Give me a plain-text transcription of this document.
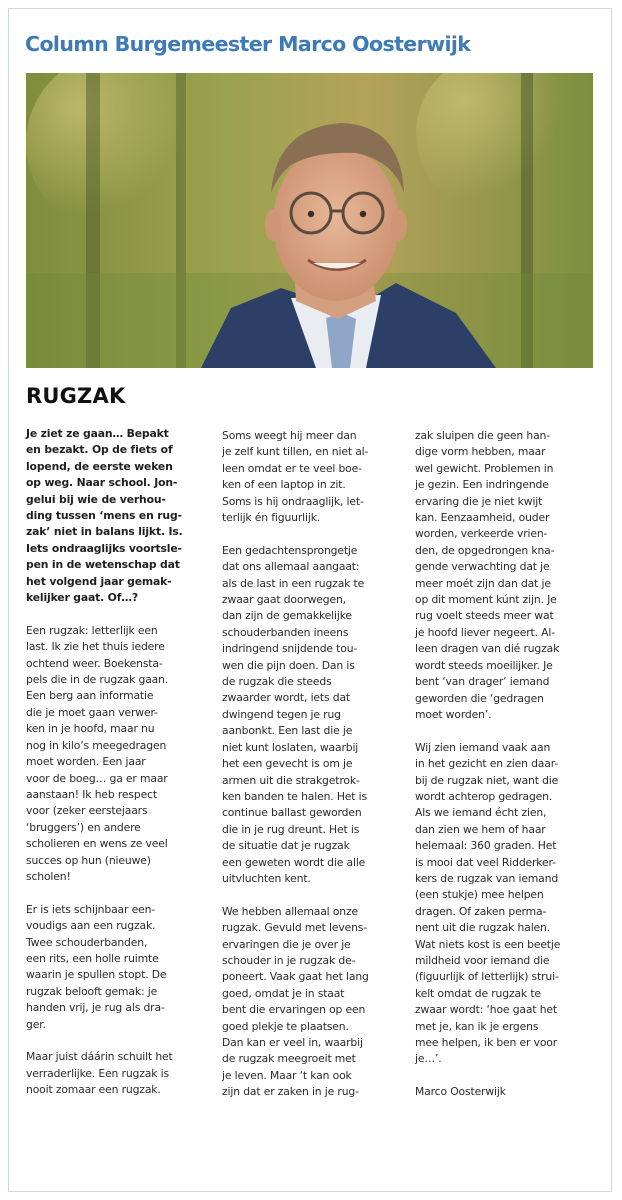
Column Burgemeester Marco Oosterwijk
RUGZAK

Je ziet ze gaan… Bepakt
en bezakt. Op de fiets of
lopend, de eerste weken
op weg. Naar school. Jon-
gelui bij wie de verhou-
ding tussen ‘mens en rug-
zak’ niet in balans lijkt. Is.
Iets ondraaglijks voortsle-
pen in de wetenschap dat
het volgend jaar gemak-
kelijker gaat. Of…?

Een rugzak: letterlijk een
last. Ik zie het thuis iedere
ochtend weer. Boekensta-
pels die in de rugzak gaan.
Een berg aan informatie
die je moet gaan verwer-
ken in je hoofd, maar nu
nog in kilo’s meegedragen
moet worden. Een jaar
voor de boeg… ga er maar
aanstaan! Ik heb respect
voor (zeker eerstejaars
‘bruggers’) en andere
scholieren en wens ze veel
succes op hun (nieuwe)
scholen!

Er is iets schijnbaar een-
voudigs aan een rugzak.
Twee schouderbanden,
een rits, een holle ruimte
waarin je spullen stopt. De
rugzak belooft gemak: je
handen vrij, je rug als dra-
ger.

Maar juist dáárin schuilt het
verraderlijke. Een rugzak is
nooit zomaar een rugzak.

Soms weegt hij meer dan
je zelf kunt tillen, en niet al-
leen omdat er te veel boe-
ken of een laptop in zit.
Soms is hij ondraaglijk, let-
terlijk én figuurlijk.

Een gedachtensprongetje
dat ons allemaal aangaat:
als de last in een rugzak te
zwaar gaat doorwegen,
dan zijn de gemakkelijke
schouderbanden ineens
indringend snijdende tou-
wen die pijn doen. Dan is
de rugzak die steeds
zwaarder wordt, iets dat
dwingend tegen je rug
aanbonkt. Een last die je
niet kunt loslaten, waarbij
het een gevecht is om je
armen uit die strakgetrok-
ken banden te halen. Het is
continue ballast geworden
die in je rug dreunt. Het is
de situatie dat je rugzak
een geweten wordt die alle
uitvluchten kent.

We hebben allemaal onze
rugzak. Gevuld met levens-
ervaringen die je over je
schouder in je rugzak de-
poneert. Vaak gaat het lang
goed, omdat je in staat
bent die ervaringen op een
goed plekje te plaatsen.
Dan kan er veel in, waarbij
de rugzak meegroeit met
je leven. Maar ‘t kan ook
zijn dat er zaken in je rug-

zak sluipen die geen han-
dige vorm hebben, maar
wel gewicht. Problemen in
je gezin. Een indringende
ervaring die je niet kwijt
kan. Eenzaamheid, ouder
worden, verkeerde vrien-
den, de opgedrongen kna-
gende verwachting dat je
meer moét zijn dan dat je
op dit moment kúnt zijn. Je
rug voelt steeds meer wat
je hoofd liever negeert. Al-
leen dragen van dié rugzak
wordt steeds moeilijker. Je
bent ‘van drager’ iemand
geworden die ‘gedragen
moet worden’.

Wij zien iemand vaak aan
in het gezicht en zien daar-
bij de rugzak niet, want die
wordt achterop gedragen.
Als we iemand écht zien,
dan zien we hem of haar
helemaal: 360 graden. Het
is mooi dat veel Ridderker-
kers de rugzak van iemand
(een stukje) mee helpen
dragen. Of zaken perma-
nent uit die rugzak halen.
Wat niets kost is een beetje
mildheid voor iemand die
(figuurlijk of letterlijk) strui-
kelt omdat de rugzak te
zwaar wordt: ‘hoe gaat het
met je, kan ik je ergens
mee helpen, ik ben er voor
je…’.

Marco Oosterwijk
